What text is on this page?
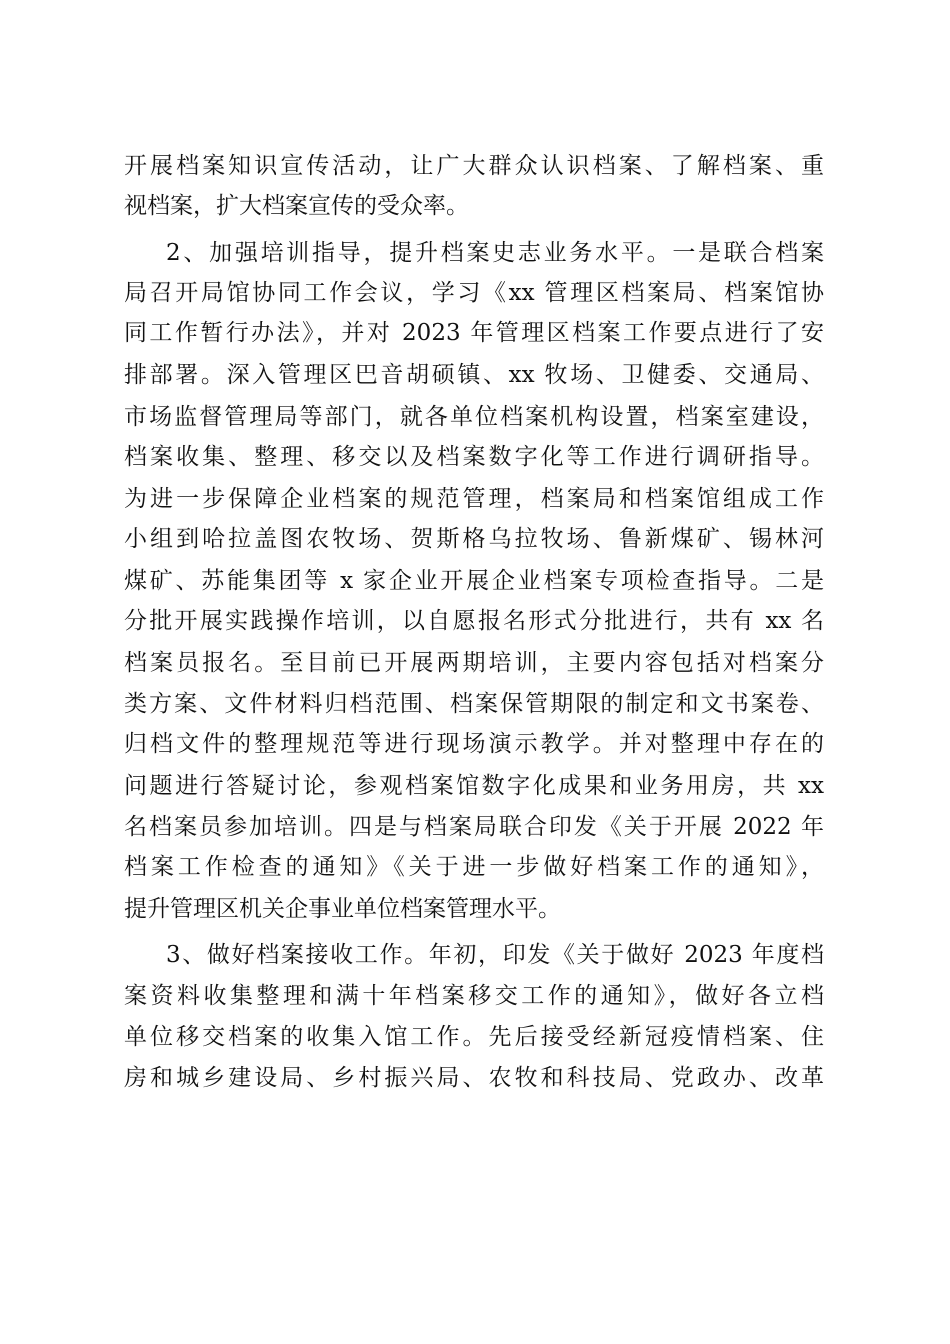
开展档案知识宣传活动，让广大群众认识档案、了解档案、重
视档案，扩大档案宣传的受众率。
2、加强培训指导，提升档案史志业务水平。一是联合档案
局召开局馆协同工作会议，学习《xx 管理区档案局、档案馆协
同工作暂行办法》，并对 2023 年管理区档案工作要点进行了安
排部署。深入管理区巴音胡硕镇、xx 牧场、卫健委、交通局、
市场监督管理局等部门，就各单位档案机构设置，档案室建设，
档案收集、整理、移交以及档案数字化等工作进行调研指导。
为进一步保障企业档案的规范管理，档案局和档案馆组成工作
小组到哈拉盖图农牧场、贺斯格乌拉牧场、鲁新煤矿、锡林河
煤矿、苏能集团等 x 家企业开展企业档案专项检查指导。二是
分批开展实践操作培训，以自愿报名形式分批进行，共有 xx 名
档案员报名。至目前已开展两期培训，主要内容包括对档案分
类方案、文件材料归档范围、档案保管期限的制定和文书案卷、
归档文件的整理规范等进行现场演示教学。并对整理中存在的
问题进行答疑讨论，参观档案馆数字化成果和业务用房，共 xx
名档案员参加培训。四是与档案局联合印发《关于开展 2022 年
档案工作检查的通知》《关于进一步做好档案工作的通知》，
提升管理区机关企事业单位档案管理水平。
3、做好档案接收工作。年初，印发《关于做好 2023 年度档
案资料收集整理和满十年档案移交工作的通知》，做好各立档
单位移交档案的收集入馆工作。先后接受经新冠疫情档案、住
房和城乡建设局、乡村振兴局、农牧和科技局、党政办、改革
